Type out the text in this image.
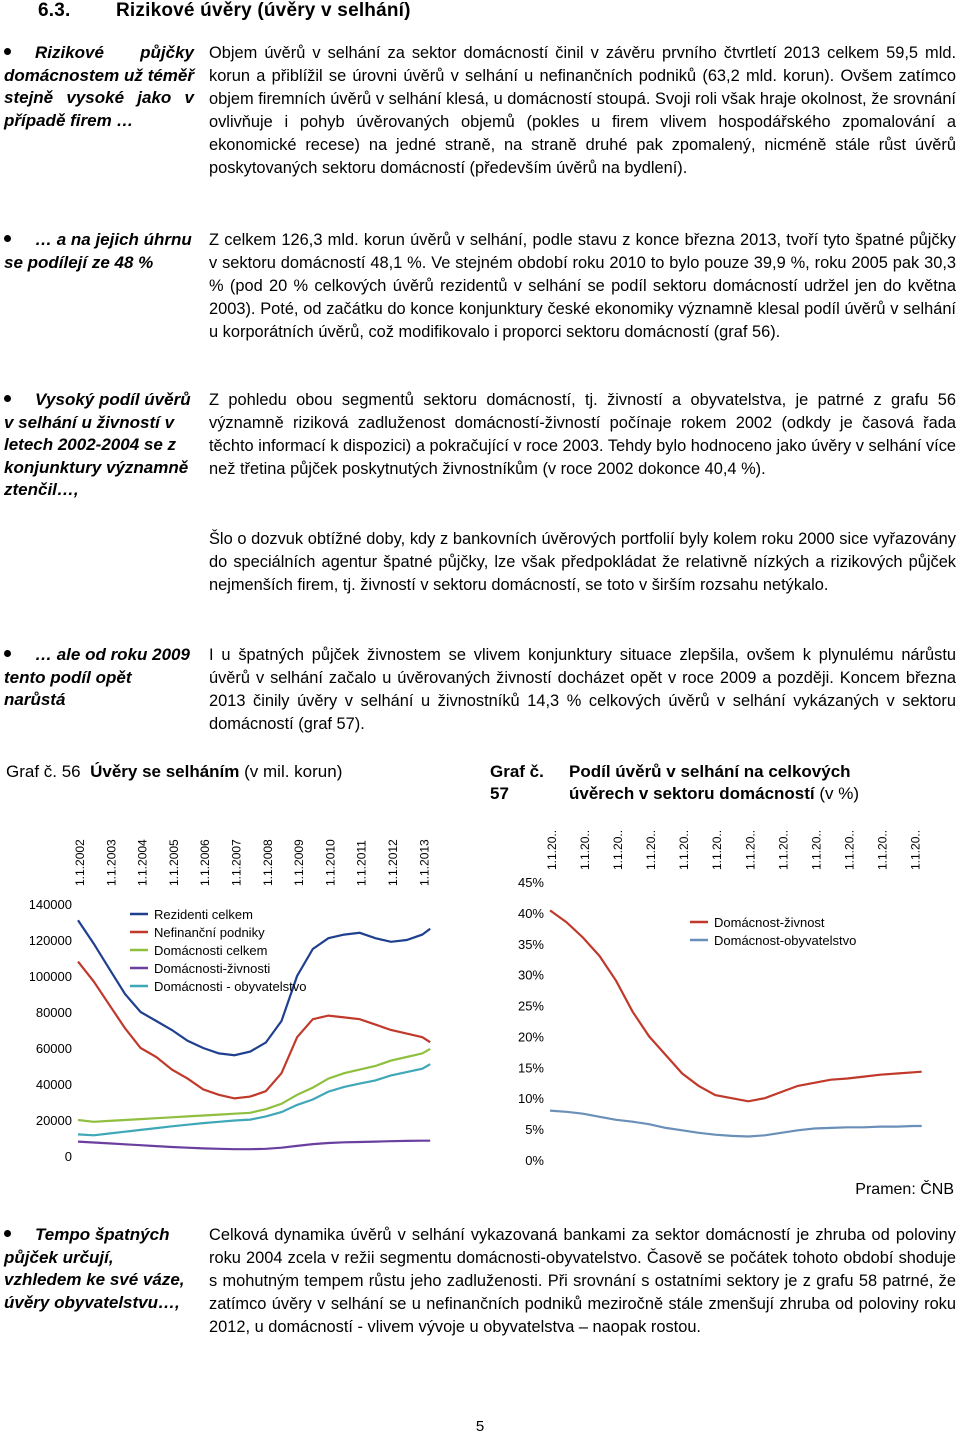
6.3. Rizikové úvěry (úvěry v selhání)

Rizikové půjčky domácnostem už téměř stejně vysoké jako v případě firem …

Objem úvěrů v selhání za sektor domácností činil v závěru prvního čtvrtletí 2013 celkem 59,5 mld. korun a přiblížil se úrovni úvěrů v selhání u nefinančních podniků (63,2 mld. korun). Ovšem zatímco objem firemních úvěrů v selhání klesá, u domácností stoupá. Svoji roli však hraje okolnost, že srovnání ovlivňuje i pohyb úvěrovaných objemů (pokles u firem vlivem hospodářského zpomalování a ekonomické recese) na jedné straně, na straně druhé pak zpomalený, nicméně stále růst úvěrů poskytovaných sektoru domácností (především úvěrů na bydlení).

… a na jejich úhrnu se podílejí ze 48 %

Z celkem 126,3 mld. korun úvěrů v selhání, podle stavu z konce března 2013, tvoří tyto špatné půjčky v sektoru domácností 48,1 %. Ve stejném období roku 2010 to bylo pouze 39,9 %, roku 2005 pak 30,3 % (pod 20 % celkových úvěrů rezidentů v selhání se podíl sektoru domácností udržel jen do května 2003). Poté, od začátku do konce konjunktury české ekonomiky významně klesal podíl úvěrů v selhání u korporátních úvěrů, což modifikovalo i proporci sektoru domácností (graf 56).

Vysoký podíl úvěrů v selhání u živností v letech 2002-2004 se z konjunktury významně ztenčil…,

Z pohledu obou segmentů sektoru domácností, tj. živností a obyvatelstva, je patrné z grafu 56 významně riziková zadluženost domácností-živností počínaje rokem 2002 (odkdy je časová řada těchto informací k dispozici) a pokračující v roce 2003. Tehdy bylo hodnoceno jako úvěry v selhání více než třetina půjček poskytnutých živnostníkům (v roce 2002 dokonce 40,4 %).

Šlo o dozvuk obtížné doby, kdy z bankovních úvěrových portfolií byly kolem roku 2000 sice vyřazovány do speciálních agentur špatné půjčky, lze však předpokládat že relativně nízkých a rizikových půjček nejmenších firem, tj. živností v sektoru domácností, se toto v širším rozsahu netýkalo.

… ale od roku 2009 tento podíl opět narůstá

I u špatných půjček živnostem se vlivem konjunktury situace zlepšila, ovšem k plynulému nárůstu úvěrů v selhání začalo u úvěrovaných živností docházet opět v roce 2009 a později. Koncem března 2013 činily úvěry v selhání u živnostníků 14,3 % celkových úvěrů v selhání vykázaných v sektoru domácností (graf 57).

Graf č. 56 Úvěry se selháním (v mil. korun)	Graf č.
57
Podíl úvěrů v selhání na celkových
úvěrech v sektoru domácností (v %)
140000
120000
100000
80000
60000
40000
20000
0
1.1.2002 1.1.2003 1.1.2004 1.1.2005 1.1.2006 1.1.2007 1.1.2008 1.1.2009 1.1.2010 1.1.2011 1.1.2012 1.1.2013
Rezidenti celkem
Nefinanční podniky
Domácnosti celkem
Domácnosti-živnosti
Domácnosti - obyvatelstvo
45%
40%
35%
30%
25%
20%
15%
10%
5%
0%
1.1.20.. 1.1.20.. 1.1.20.. 1.1.20.. 1.1.20.. 1.1.20.. 1.1.20.. 1.1.20.. 1.1.20.. 1.1.20.. 1.1.20.. 1.1.20..
Domácnost-živnost
Domácnost-obyvatelstvo
Pramen: ČNB

Tempo špatných půjček určují, vzhledem ke své váze, úvěry obyvatelstvu…,

Celková dynamika úvěrů v selhání vykazovaná bankami za sektor domácností je zhruba od poloviny roku 2004 zcela v režii segmentu domácnosti-obyvatelstvo. Časově se počátek tohoto období shoduje s mohutným tempem růstu jeho zadluženosti. Při srovnání s ostatními sektory je z grafu 58 patrné, že zatímco úvěry v selhání se u nefinančních podniků meziročně stále zmenšují zhruba od poloviny roku 2012, u domácností - vlivem vývoje u obyvatelstva – naopak rostou.

5
